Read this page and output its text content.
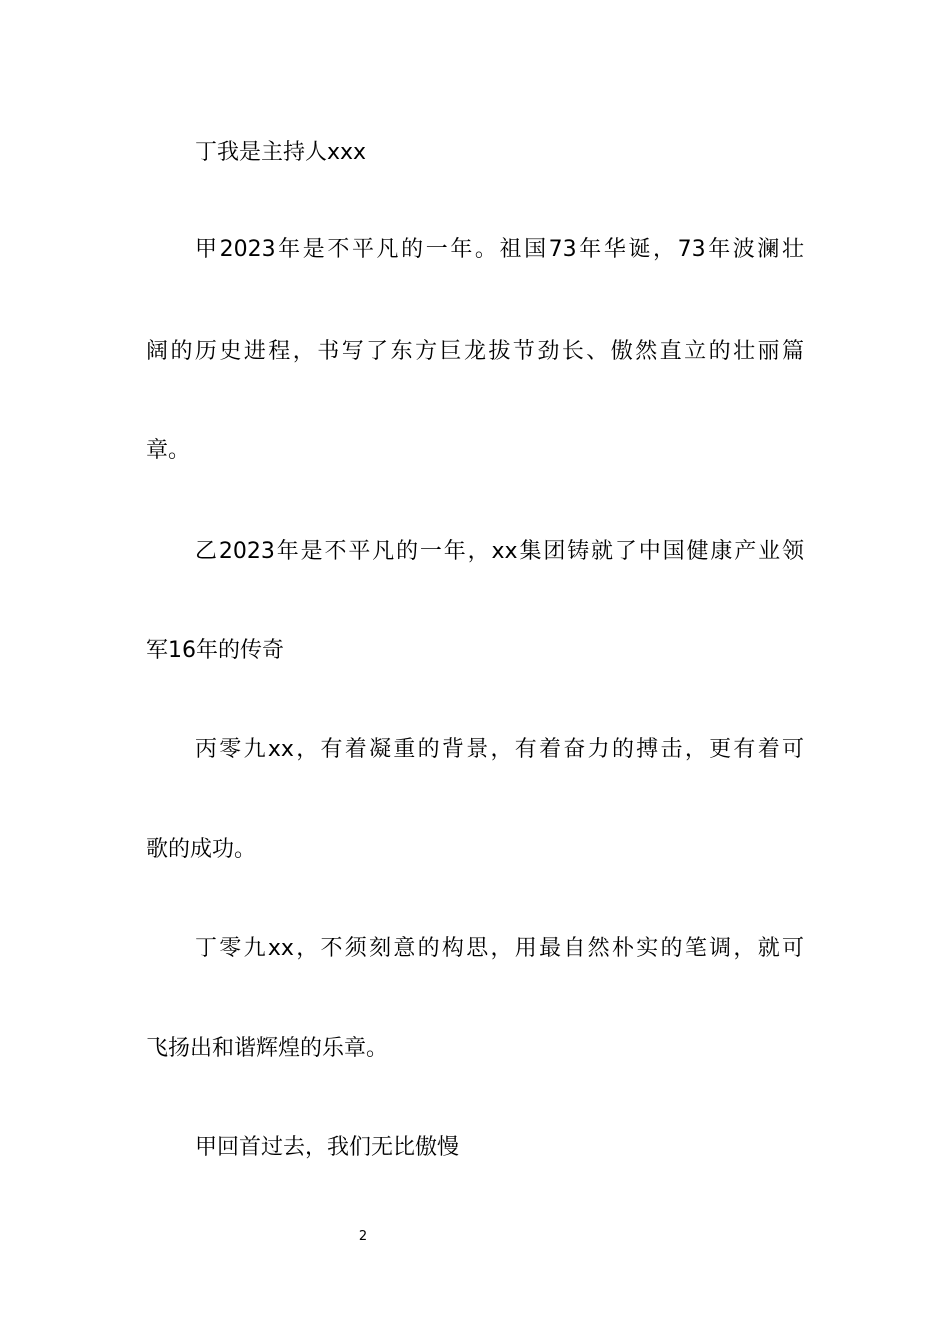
丁我是主持人xxx
甲2023年是不平凡的一年。祖国73年华诞，73年波澜壮
阔的历史进程，书写了东方巨龙拔节劲长、傲然直立的壮丽篇
章。
乙2023年是不平凡的一年，xx集团铸就了中国健康产业领
军16年的传奇
丙零九xx，有着凝重的背景，有着奋力的搏击，更有着可
歌的成功。
丁零九xx，不须刻意的构思，用最自然朴实的笔调，就可
飞扬出和谐辉煌的乐章。
甲回首过去，我们无比傲慢
2
